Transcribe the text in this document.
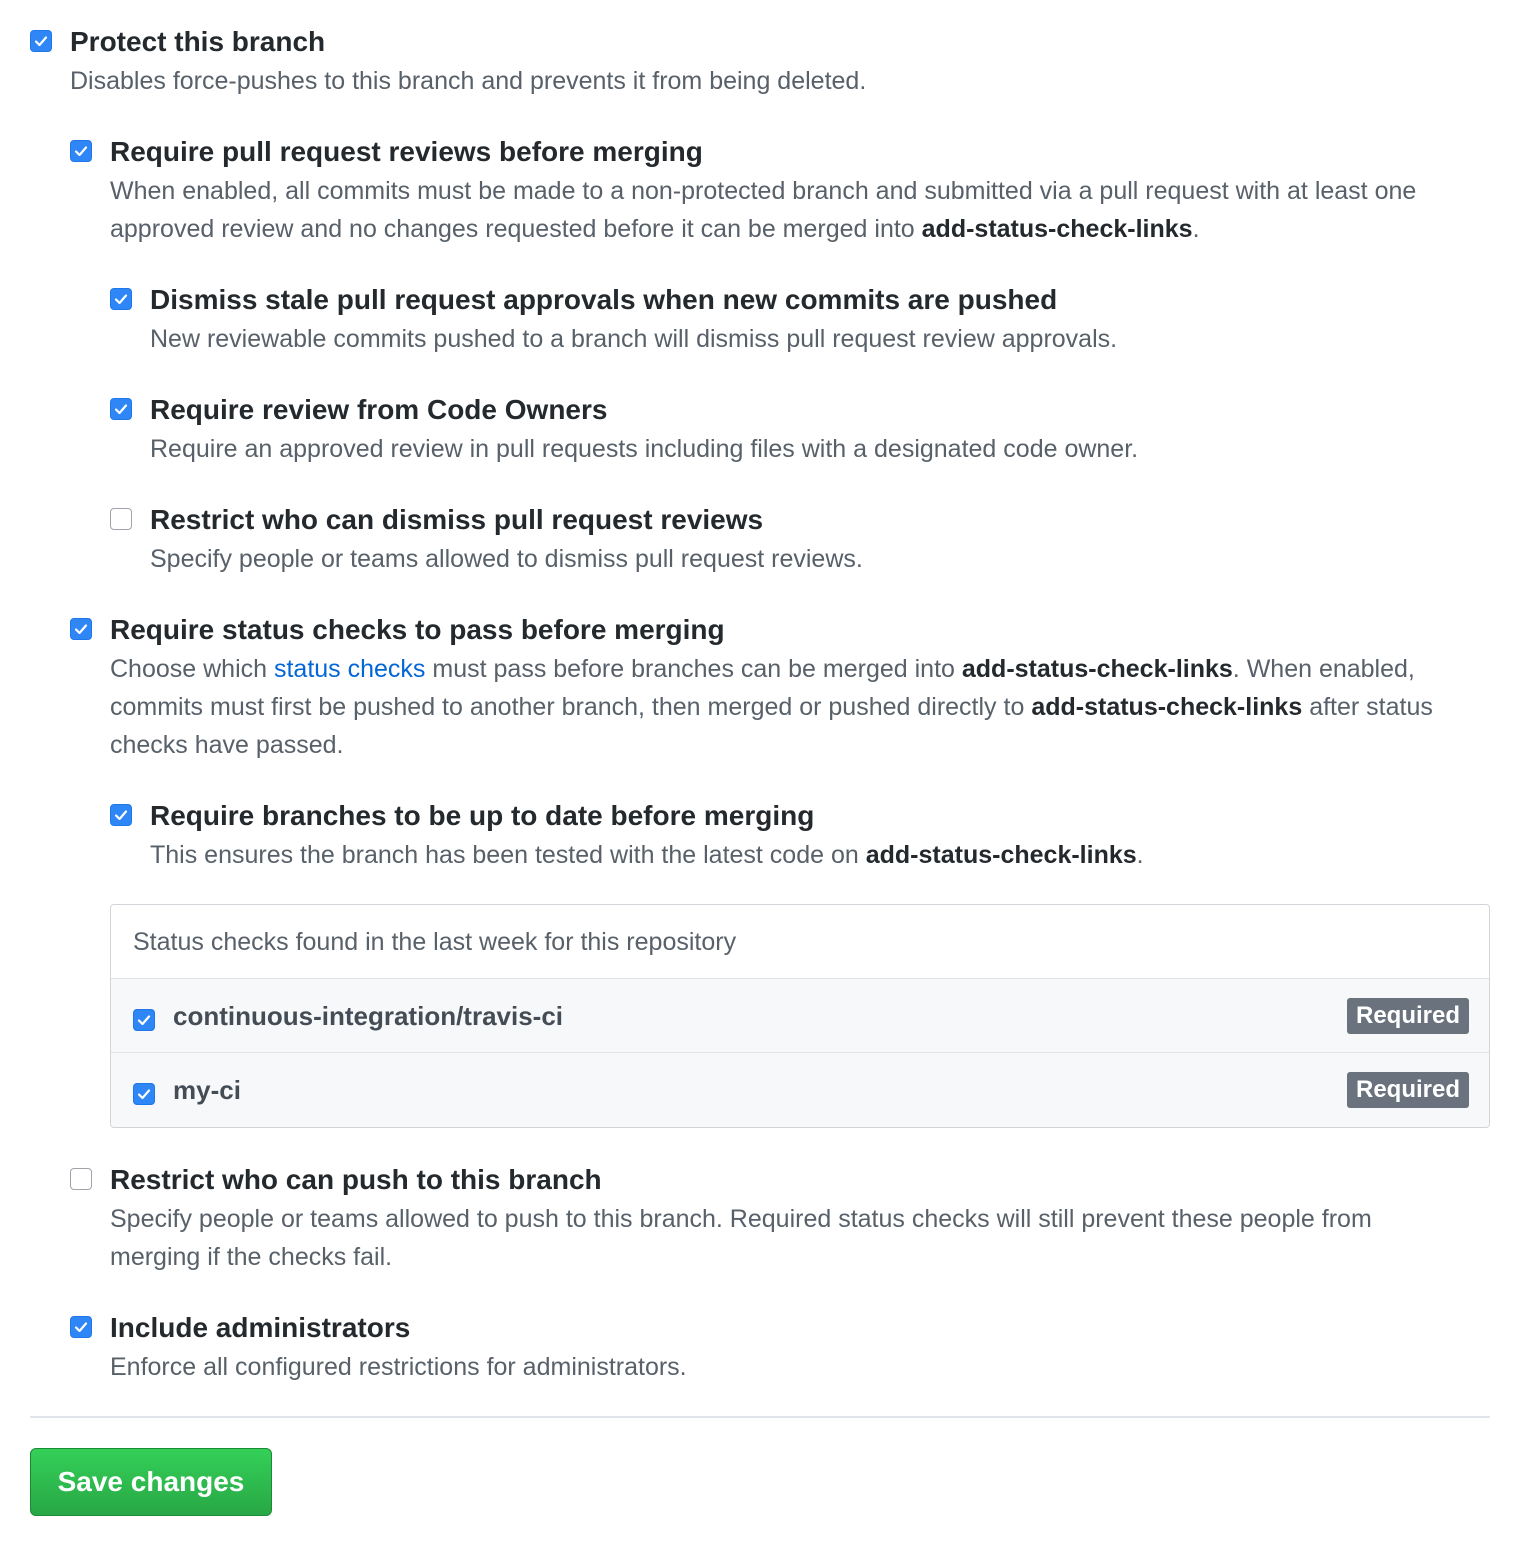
Protect this branch
Disables force-pushes to this branch and prevents it from being deleted.
Require pull request reviews before merging
When enabled, all commits must be made to a non-protected branch and submitted via a pull request with at least one approved review and no changes requested before it can be merged into add-status-check-links.
Dismiss stale pull request approvals when new commits are pushed
New reviewable commits pushed to a branch will dismiss pull request review approvals.
Require review from Code Owners
Require an approved review in pull requests including files with a designated code owner.
Restrict who can dismiss pull request reviews
Specify people or teams allowed to dismiss pull request reviews.
Require status checks to pass before merging
Choose which status checks must pass before branches can be merged into add-status-check-links. When enabled, commits must first be pushed to another branch, then merged or pushed directly to add-status-check-links after status checks have passed.
Require branches to be up to date before merging
This ensures the branch has been tested with the latest code on add-status-check-links.
Status checks found in the last week for this repository
continuous-integration/travis-ci	Required
my-ci	Required
Restrict who can push to this branch
Specify people or teams allowed to push to this branch. Required status checks will still prevent these people from merging if the checks fail.
Include administrators
Enforce all configured restrictions for administrators.
Save changes
